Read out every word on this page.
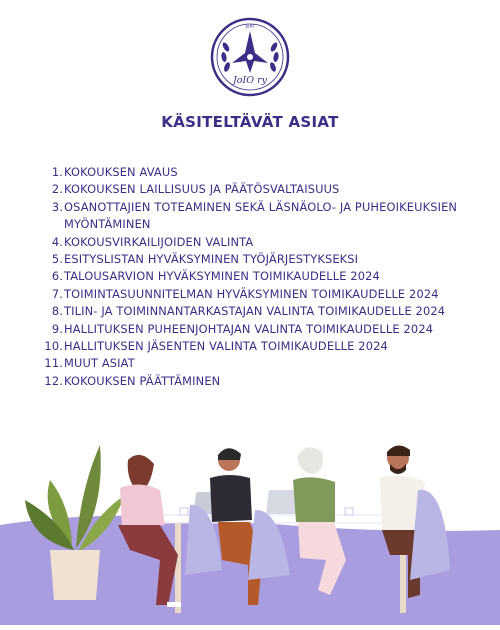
JoIO
JoIO ry
KÄSITELTÄVÄT ASIAT
1. KOKOUKSEN AVAUS
2. KOKOUKSEN LAILLISUUS JA PÄÄTÖSVALTAISUUS
3. OSANOTTAJIEN TOTEAMINEN SEKÄ LÄSNÄOLO- JA PUHEOIKEUKSIEN MYÖNTÄMINEN
4. KOKOUSVIRKAILIJOIDEN VALINTA
5. ESITYSLISTAN HYVÄKSYMINEN TYÖJÄRJESTYKSEKSI
6. TALOUSARVION HYVÄKSYMINEN TOIMIKAUDELLE 2024
7. TOIMINTASUUNNITELMAN HYVÄKSYMINEN TOIMIKAUDELLE 2024
8. TILIN- JA TOIMINNANTARKASTAJAN VALINTA TOIMIKAUDELLE 2024
9. HALLITUKSEN PUHEENJOHTAJAN VALINTA TOIMIKAUDELLE 2024
10. HALLITUKSEN JÄSENTEN VALINTA TOIMIKAUDELLE 2024
11. MUUT ASIAT
12. KOKOUKSEN PÄÄTTÄMINEN
